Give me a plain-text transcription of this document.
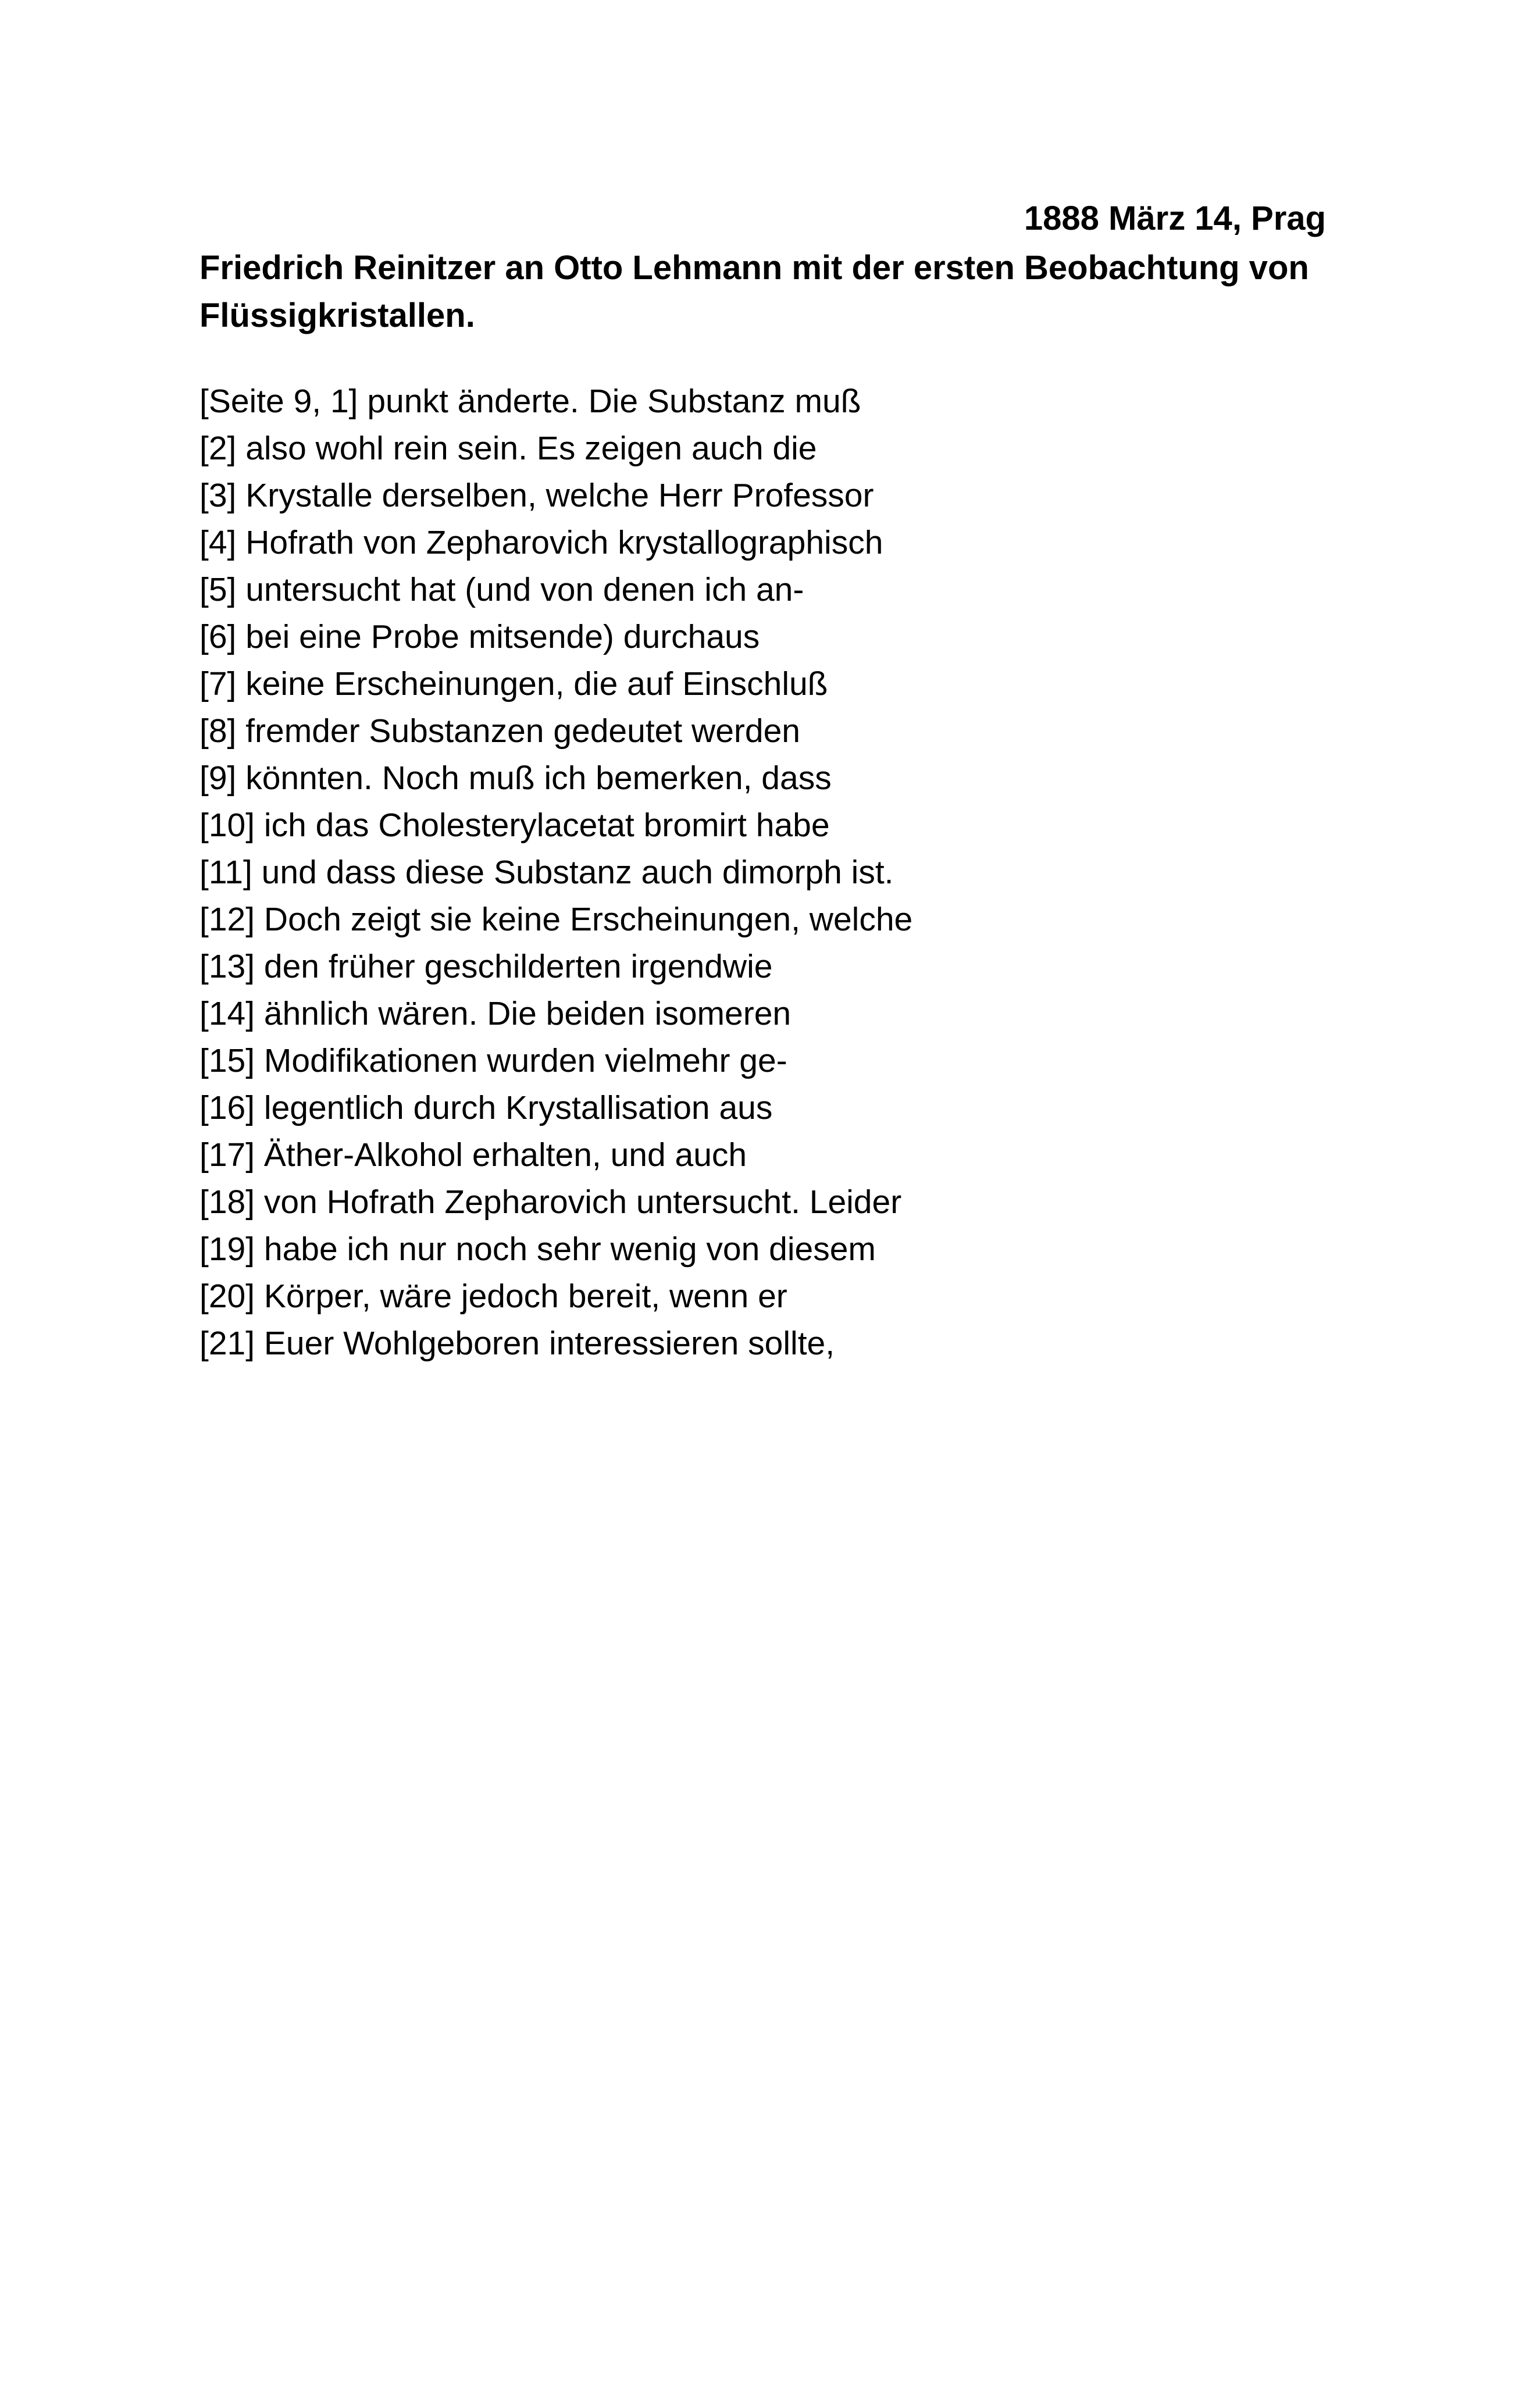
1888 März 14, Prag
Friedrich Reinitzer an Otto Lehmann mit der ersten Beobachtung von Flüssigkristallen.
[Seite 9, 1] punkt änderte. Die Substanz muß
[2] also wohl rein sein. Es zeigen auch die
[3] Krystalle derselben, welche Herr Professor
[4] Hofrath von Zepharovich krystallographisch
[5] untersucht hat (und von denen ich an-
[6] bei eine Probe mitsende) durchaus
[7] keine Erscheinungen, die auf Einschluß
[8] fremder Substanzen gedeutet werden
[9] könnten. Noch muß ich bemerken, dass
[10] ich das Cholesterylacetat bromirt habe
[11] und dass diese Substanz auch dimorph ist.
[12] Doch zeigt sie keine Erscheinungen, welche
[13] den früher geschilderten irgendwie
[14] ähnlich wären. Die beiden isomeren
[15] Modifikationen wurden vielmehr ge-
[16] legentlich durch Krystallisation aus
[17] Äther-Alkohol erhalten, und auch
[18] von Hofrath Zepharovich untersucht. Leider
[19] habe ich nur noch sehr wenig von diesem
[20] Körper, wäre jedoch bereit, wenn er
[21] Euer Wohlgeboren interessieren sollte,
